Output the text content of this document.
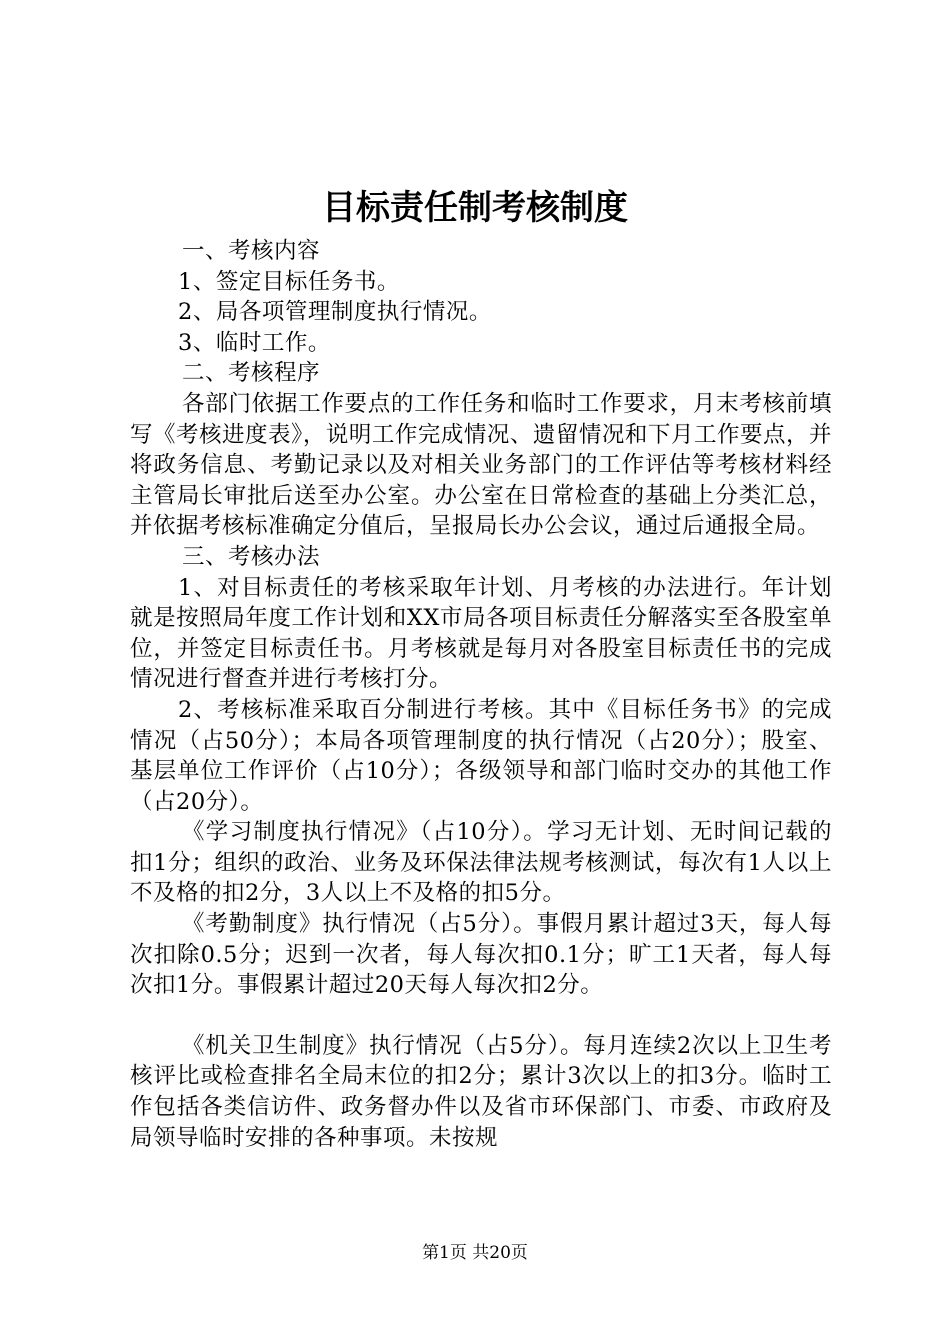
目标责任制考核制度

一、考核内容

1、签定目标任务书。

2、局各项管理制度执行情况。

3、临时工作。

二、考核程序

各部门依据工作要点的工作任务和临时工作要求，月末考核前填写《考核进度表》，说明工作完成情况、遗留情况和下月工作要点，并将政务信息、考勤记录以及对相关业务部门的工作评估等考核材料经主管局长审批后送至办公室。办公室在日常检查的基础上分类汇总，并依据考核标准确定分值后，呈报局长办公会议，通过后通报全局。

三、考核办法

1、对目标责任的考核采取年计划、月考核的办法进行。年计划就是按照局年度工作计划和XX市局各项目标责任分解落实至各股室单位，并签定目标责任书。月考核就是每月对各股室目标责任书的完成情况进行督查并进行考核打分。

2、考核标准采取百分制进行考核。其中《目标任务书》的完成情况（占50分）；本局各项管理制度的执行情况（占20分）；股室、基层单位工作评价（占10分）；各级领导和部门临时交办的其他工作（占20分）。

《学习制度执行情况》（占10分）。学习无计划、无时间记载的扣1分；组织的政治、业务及环保法律法规考核测试，每次有1人以上不及格的扣2分，3人以上不及格的扣5分。

《考勤制度》执行情况（占5分）。事假月累计超过3天，每人每次扣除0.5分；迟到一次者，每人每次扣0.1分；旷工1天者，每人每次扣1分。事假累计超过20天每人每次扣2分。

《机关卫生制度》执行情况（占5分）。每月连续2次以上卫生考核评比或检查排名全局末位的扣2分；累计3次以上的扣3分。临时工作包括各类信访件、政务督办件以及省市环保部门、市委、市政府及局领导临时安排的各种事项。未按规

第1页 共20页
